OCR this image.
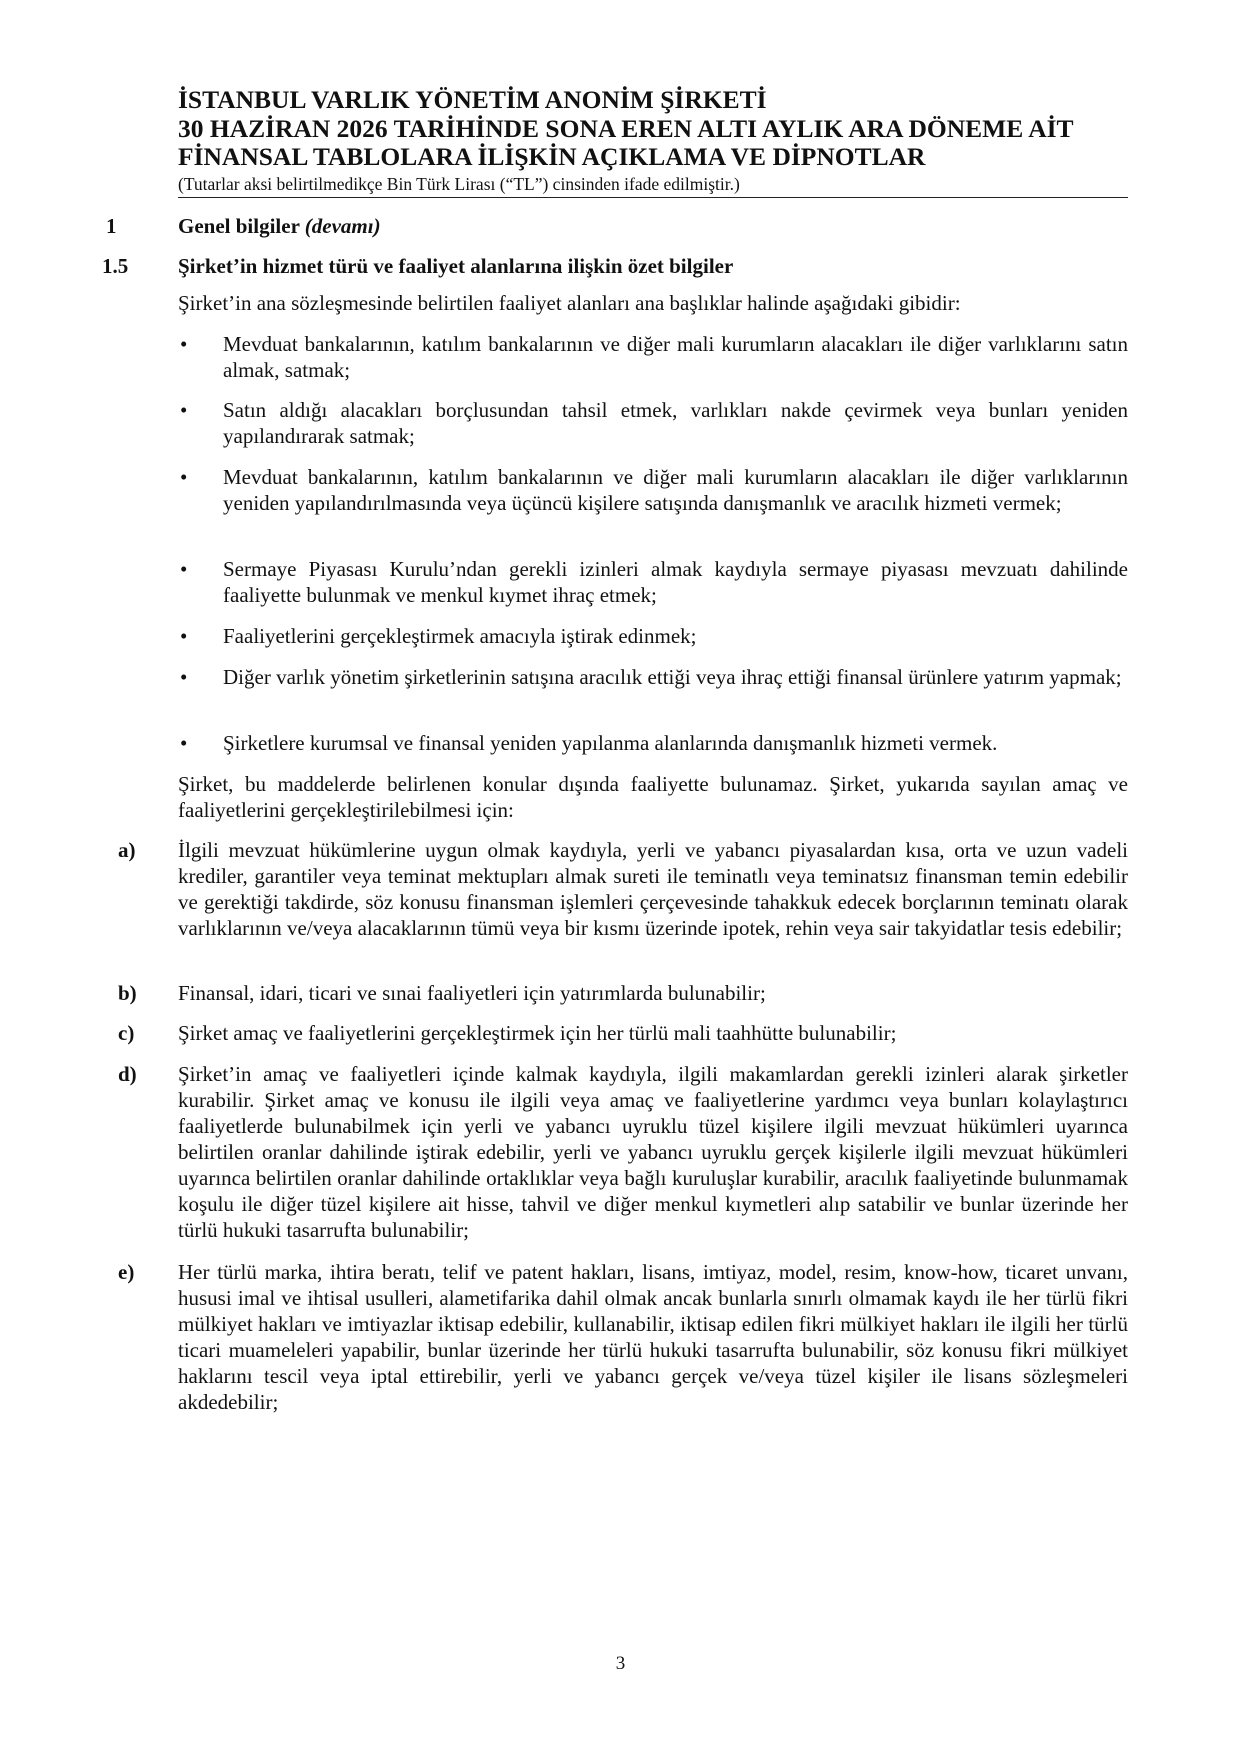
İSTANBUL VARLIK YÖNETİM ANONİM ŞİRKETİ
30 HAZİRAN 2026 TARİHİNDE SONA EREN ALTI AYLIK ARA DÖNEME AİT
FİNANSAL TABLOLARA İLİŞKİN AÇIKLAMA VE DİPNOTLAR
(Tutarlar aksi belirtilmedikçe Bin Türk Lirası (“TL”) cinsinden ifade edilmiştir.)
1	Genel bilgiler (devamı)
1.5 Şirket’in hizmet türü ve faaliyet alanlarına ilişkin özet bilgiler
Şirket’in ana sözleşmesinde belirtilen faaliyet alanları ana başlıklar halinde aşağıdaki gibidir:
• Mevduat bankalarının, katılım bankalarının ve diğer mali kurumların alacakları ile diğer varlıklarını satın almak, satmak;
• Satın aldığı alacakları borçlusundan tahsil etmek, varlıkları nakde çevirmek veya bunları yeniden yapılandırarak satmak;
• Mevduat bankalarının, katılım bankalarının ve diğer mali kurumların alacakları ile diğer varlıklarının yeniden yapılandırılmasında veya üçüncü kişilere satışında danışmanlık ve aracılık hizmeti vermek;
• Sermaye Piyasası Kurulu’ndan gerekli izinleri almak kaydıyla sermaye piyasası mevzuatı dahilinde faaliyette bulunmak ve menkul kıymet ihraç etmek;
• Faaliyetlerini gerçekleştirmek amacıyla iştirak edinmek;
• Diğer varlık yönetim şirketlerinin satışına aracılık ettiği veya ihraç ettiği finansal ürünlere yatırım yapmak;
• Şirketlere kurumsal ve finansal yeniden yapılanma alanlarında danışmanlık hizmeti vermek.
Şirket, bu maddelerde belirlenen konular dışında faaliyette bulunamaz. Şirket, yukarıda sayılan amaç ve faaliyetlerini gerçekleştirilebilmesi için:
a) İlgili mevzuat hükümlerine uygun olmak kaydıyla, yerli ve yabancı piyasalardan kısa, orta ve uzun vadeli krediler, garantiler veya teminat mektupları almak sureti ile teminatlı veya teminatsız finansman temin edebilir ve gerektiği takdirde, söz konusu finansman işlemleri çerçevesinde tahakkuk edecek borçlarının teminatı olarak varlıklarının ve/veya alacaklarının tümü veya bir kısmı üzerinde ipotek, rehin veya sair takyidatlar tesis edebilir;
b) Finansal, idari, ticari ve sınai faaliyetleri için yatırımlarda bulunabilir;
c) Şirket amaç ve faaliyetlerini gerçekleştirmek için her türlü mali taahhütte bulunabilir;
d) Şirket’in amaç ve faaliyetleri içinde kalmak kaydıyla, ilgili makamlardan gerekli izinleri alarak şirketler kurabilir. Şirket amaç ve konusu ile ilgili veya amaç ve faaliyetlerine yardımcı veya bunları kolaylaştırıcı faaliyetlerde bulunabilmek için yerli ve yabancı uyruklu tüzel kişilere ilgili mevzuat hükümleri uyarınca belirtilen oranlar dahilinde iştirak edebilir, yerli ve yabancı uyruklu gerçek kişilerle ilgili mevzuat hükümleri uyarınca belirtilen oranlar dahilinde ortaklıklar veya bağlı kuruluşlar kurabilir, aracılık faaliyetinde bulunmamak koşulu ile diğer tüzel kişilere ait hisse, tahvil ve diğer menkul kıymetleri alıp satabilir ve bunlar üzerinde her türlü hukuki tasarrufta bulunabilir;
e) Her türlü marka, ihtira beratı, telif ve patent hakları, lisans, imtiyaz, model, resim, know-how, ticaret unvanı, hususi imal ve ihtisal usulleri, alametifarika dahil olmak ancak bunlarla sınırlı olmamak kaydı ile her türlü fikri mülkiyet hakları ve imtiyazlar iktisap edebilir, kullanabilir, iktisap edilen fikri mülkiyet hakları ile ilgili her türlü ticari muameleleri yapabilir, bunlar üzerinde her türlü hukuki tasarrufta bulunabilir, söz konusu fikri mülkiyet haklarını tescil veya iptal ettirebilir, yerli ve yabancı gerçek ve/veya tüzel kişiler ile lisans sözleşmeleri akdedebilir;
3
